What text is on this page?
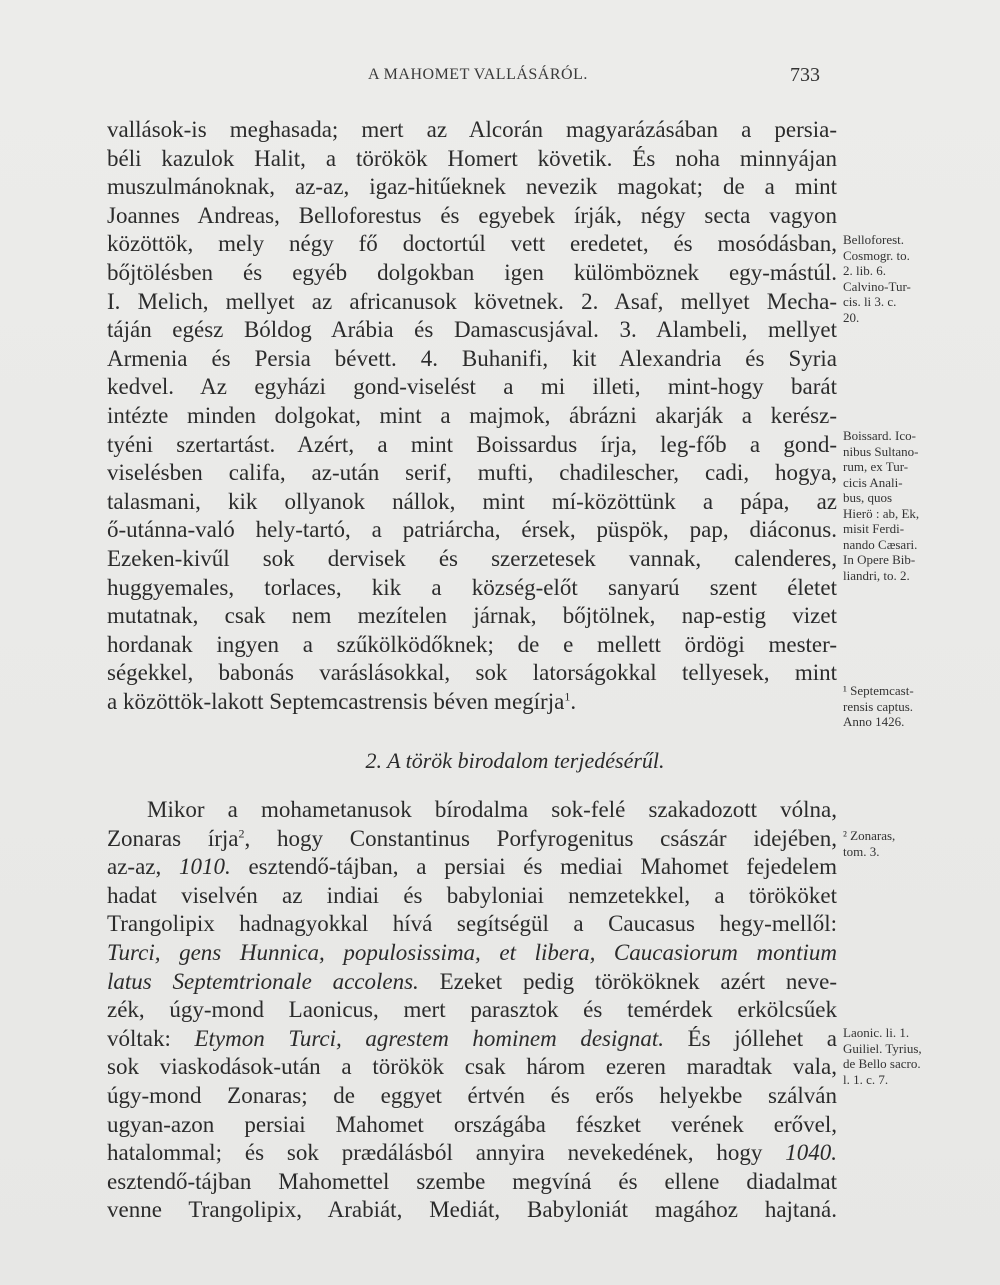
A MAHOMET VALLÁSÁRÓL.	733
vallások-is meghasada; mert az Alcorán magyarázásában a persia-
béli kazulok Halit, a törökök Homert követik. És noha minnyájan
muszulmánoknak, az-az, igaz-hitűeknek nevezik magokat; de a mint
Joannes Andreas, Belloforestus és egyebek írják, négy secta vagyon
közöttök, mely négy fő doctortúl vett eredetet, és mosódásban,
bőjtölésben és egyéb dolgokban igen külömböznek egy-mástúl.
I. Melich, mellyet az africanusok követnek. 2. Asaf, mellyet Mecha-
táján egész Bóldog Arábia és Damascusjával. 3. Alambeli, mellyet
Armenia és Persia bévett. 4. Buhanifi, kit Alexandria és Syria
kedvel. Az egyházi gond-viselést a mi illeti, mint-hogy barát
intézte minden dolgokat, mint a majmok, ábrázni akarják a kerész-
tyéni szertartást. Azért, a mint Boissardus írja, leg-főb a gond-
viselésben califa, az-után serif, mufti, chadilescher, cadi, hogya,
talasmani, kik ollyanok nállok, mint mí-közöttünk a pápa, az
ő-utánna-való hely-tartó, a patriárcha, érsek, püspök, pap, diáconus.
Ezeken-kivűl sok dervisek és szerzetesek vannak, calenderes,
huggyemales, torlaces, kik a község-előt sanyarú szent életet
mutatnak, csak nem mezítelen járnak, bőjtölnek, nap-estig vizet
hordanak ingyen a szűkölködőknek; de e mellett ördögi mester-
ségekkel, babonás varáslásokkal, sok latorságokkal tellyesek, mint
a közöttök-lakott Septemcastrensis béven megírja$^1$.
2. A török birodalom terjedésérűl.
Mikor a mohametanusok bírodalma sok-felé szakadozott vólna,
Zonaras írja$^2$, hogy Constantinus Porfyrogenitus császár idejében,
az-az, 1010. esztendő-tájban, a persiai és mediai Mahomet fejedelem
hadat viselvén az indiai és babyloniai nemzetekkel, a törököket
Trangolipix hadnagyokkal hívá segítségül a Caucasus hegy-mellől:
Turci, gens Hunnica, populosissima, et libera, Caucasiorum montium
latus Septemtrionale accolens. Ezeket pedig törököknek azért neve-
zék, úgy-mond Laonicus, mert parasztok és temérdek erkölcsűek
vóltak: Etymon Turci, agrestem hominem designat. És jóllehet a
sok viaskodások-után a törökök csak három ezeren maradtak vala,
úgy-mond Zonaras; de eggyet értvén és erős helyekbe szálván
ugyan-azon persiai Mahomet országába fészket verének erővel,
hatalommal; és sok prædálásból annyira nevekedének, hogy 1040.
esztendő-tájban Mahomettel szembe megvíná és ellene diadalmat
venne Trangolipix, Arabiát, Mediát, Babyloniát magához hajtaná.
Belloforest.
Cosmogr. to.
2. lib. 6.
Calvino-Tur-
cis. li 3. c.
20.
Boissard. Ico-
nibus Sultano-
rum, ex Tur-
cicis Anali-
bus, quos
Hierö : ab, Ek,
misit Ferdi-
nando Cæsari.
In Opere Bib-
liandri, to. 2.
¹ Septemcast-
rensis captus.
Anno 1426.
² Zonaras,
tom. 3.
Laonic. li. 1.
Guiliel. Tyrius,
de Bello sacro.
l. 1. c. 7.
